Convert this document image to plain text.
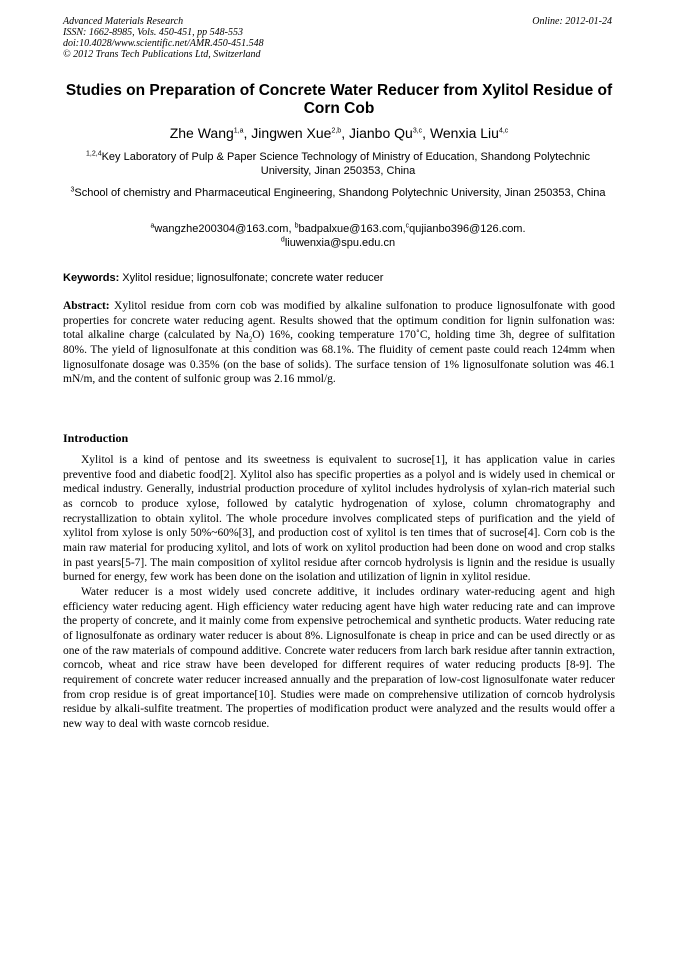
Advanced Materials Research
ISSN: 1662-8985, Vols. 450-451, pp 548-553
doi:10.4028/www.scientific.net/AMR.450-451.548
© 2012 Trans Tech Publications Ltd, Switzerland
Online: 2012-01-24
Studies on Preparation of Concrete Water Reducer from Xylitol Residue of Corn Cob
Zhe Wang$^{1,a}$, Jingwen Xue$^{2,b}$, Jianbo Qu$^{3,c}$, Wenxia Liu$^{4,c}$
$^{1,2,4}$Key Laboratory of Pulp & Paper Science Technology of Ministry of Education, Shandong Polytechnic University, Jinan 250353, China
$^3$School of chemistry and Pharmaceutical Engineering, Shandong Polytechnic University, Jinan 250353, China
$^a$wangzhe200304@163.com, $^b$badpalxue@163.com,$^c$qujianbo396@126.com.
$^d$liuwenxia@spu.edu.cn
Keywords: Xylitol residue; lignosulfonate; concrete water reducer
Abstract: Xylitol residue from corn cob was modified by alkaline sulfonation to produce lignosulfonate with good properties for concrete water reducing agent. Results showed that the optimum condition for lignin sulfonation was: total alkaline charge (calculated by $Na_2O$) 16%, cooking temperature 170˚C, holding time 3h, degree of sulfitation 80%. The yield of lignosulfonate at this condition was 68.1%. The fluidity of cement paste could reach 124mm when lignosulfonate dosage was 0.35% (on the base of solids). The surface tension of 1% lignosulfonate solution was 46.1 mN/m, and the content of sulfonic group was 2.16 mmol/g.
Introduction

Xylitol is a kind of pentose and its sweetness is equivalent to sucrose[1], it has application value in caries preventive food and diabetic food[2]. Xylitol also has specific properties as a polyol and is widely used in chemical or medical industry. Generally, industrial production procedure of xylitol includes hydrolysis of xylan-rich material such as corncob to produce xylose, followed by catalytic hydrogenation of xylose, column chromatography and recrystallization to obtain xylitol. The whole procedure involves complicated steps of purification and the yield of xylitol from xylose is only 50%~60%[3], and production cost of xylitol is ten times that of sucrose[4]. Corn cob is the main raw material for producing xylitol, and lots of work on xylitol production had been done on wood and crop stalks in past years[5-7]. The main composition of xylitol residue after corncob hydrolysis is lignin and the residue is usually burned for energy, few work has been done on the isolation and utilization of lignin in xylitol residue.

Water reducer is a most widely used concrete additive, it includes ordinary water-reducing agent and high efficiency water reducing agent. High efficiency water reducing agent have high water reducing rate and can improve the property of concrete, and it mainly come from expensive petrochemical and synthetic products. Water reducing rate of lignosulfonate as ordinary water reducer is about 8%. Lignosulfonate is cheap in price and can be used directly or as one of the raw materials of compound additive. Concrete water reducers from larch bark residue after tannin extraction, corncob, wheat and rice straw have been developed for different requires of water reducing products [8-9]. The requirement of concrete water reducer increased annually and the preparation of low-cost lignosulfonate water reducer from crop residue is of great importance[10]. Studies were made on comprehensive utilization of corncob hydrolysis residue by alkali-sulfite treatment. The properties of modification product were analyzed and the results would offer a new way to deal with waste corncob residue.
